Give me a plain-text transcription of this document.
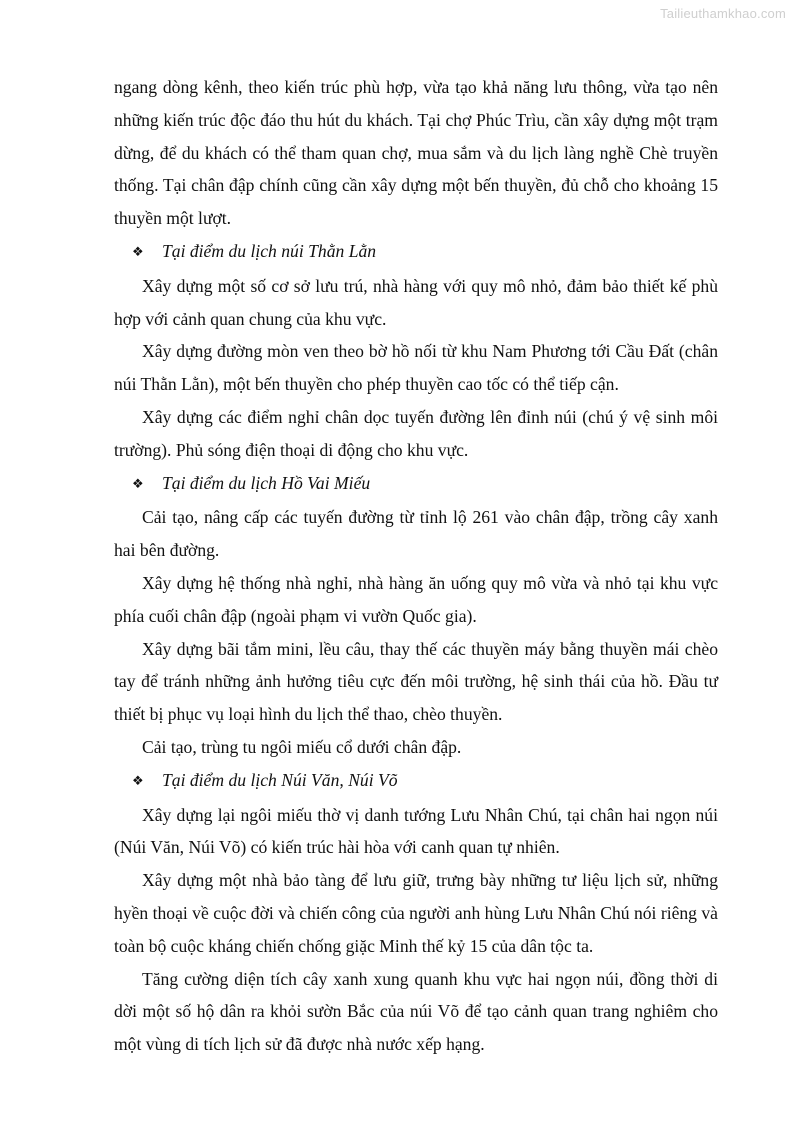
Tailieuthamkhao.com

ngang dòng kênh, theo kiến trúc phù hợp, vừa tạo khả năng lưu thông, vừa tạo nên những kiến trúc độc đáo thu hút du khách. Tại chợ Phúc Trìu, cần xây dựng một trạm dừng, để du khách có thể tham quan chợ, mua sắm và du lịch làng nghề Chè truyền thống. Tại chân đập chính cũng cần xây dựng một bến thuyền, đủ chỗ cho khoảng 15 thuyền một lượt.

❖ Tại điểm du lịch núi Thằn Lằn

Xây dựng một số cơ sở lưu trú, nhà hàng với quy mô nhỏ, đảm bảo thiết kế phù hợp với cảnh quan chung của khu vực.

Xây dựng đường mòn ven theo bờ hồ nối từ khu Nam Phương tới Cầu Đất (chân núi Thằn Lằn), một bến thuyền cho phép thuyền cao tốc có thể tiếp cận.

Xây dựng các điểm nghỉ chân dọc tuyến đường lên đỉnh núi (chú ý vệ sinh môi trường). Phủ sóng điện thoại di động cho khu vực.

❖ Tại điểm du lịch Hồ Vai Miếu

Cải tạo, nâng cấp các tuyến đường từ tỉnh lộ 261 vào chân đập, trồng cây xanh hai bên đường.

Xây dựng hệ thống nhà nghỉ, nhà hàng ăn uống quy mô vừa và nhỏ tại khu vực phía cuối chân đập (ngoài phạm vi vườn Quốc gia).

Xây dựng bãi tắm mini, lều câu, thay thế các thuyền máy bằng thuyền mái chèo tay để tránh những ảnh hưởng tiêu cực đến môi trường, hệ sinh thái của hồ. Đầu tư thiết bị phục vụ loại hình du lịch thể thao, chèo thuyền.

Cải tạo, trùng tu ngôi miếu cổ dưới chân đập.

❖ Tại điểm du lịch Núi Văn, Núi Võ

Xây dựng lại ngôi miếu thờ vị danh tướng Lưu Nhân Chú, tại chân hai ngọn núi (Núi Văn, Núi Võ) có kiến trúc hài hòa với canh quan tự nhiên.

Xây dựng một nhà bảo tàng để lưu giữ, trưng bày những tư liệu lịch sử, những hyền thoại về cuộc đời và chiến công của người anh hùng Lưu Nhân Chú nói riêng và toàn bộ cuộc kháng chiến chống giặc Minh thế kỷ 15 của dân tộc ta.

Tăng cường diện tích cây xanh xung quanh khu vực hai ngọn núi, đồng thời di dời một số hộ dân ra khỏi sườn Bắc của núi Võ để tạo cảnh quan trang nghiêm cho một vùng di tích lịch sử đã được nhà nước xếp hạng.
